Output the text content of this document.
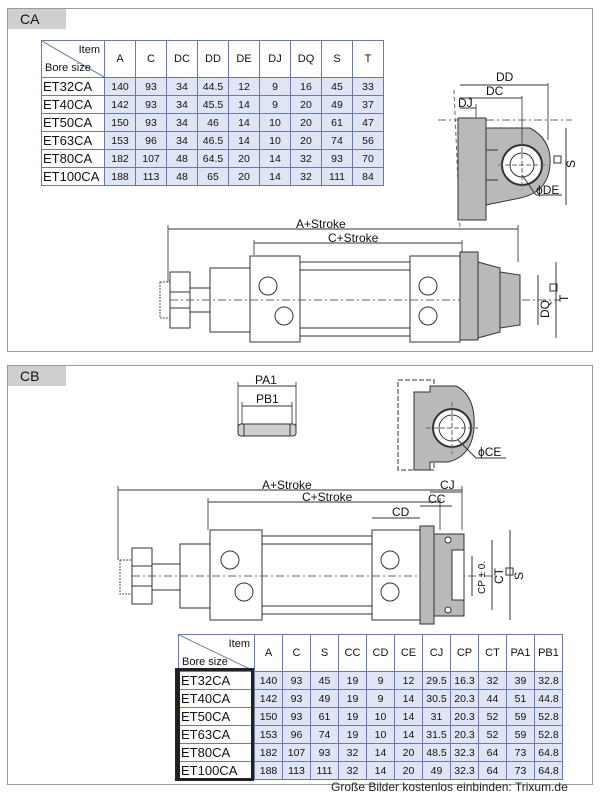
CA
Item
Bore size	A	C	DC	DD	DE	DJ	DQ	S	T
ET32CA	140	93	34	44.5	12	9	16	45	33
ET40CA	142	93	34	45.5	14	9	20	49	37
ET50CA	150	93	34	46	14	10	20	61	47
ET63CA	153	96	34	46.5	14	10	20	74	56
ET80CA	182	107	48	64.5	20	14	32	93	70
ET100CA	188	113	48	65	20	14	32	111	84
DD
DC
DJ
S
ϕDE
A+Stroke
C+Stroke
DQ
T
CB	PA1
PB1
ϕCE
A+Stroke
C+Stroke
CJ
CC
CD
CP ± 0. CT S
Item
Bore size	A	C	S	CC	CD	CE	CJ	CP	CT	PA1	PB1
ET32CA	140	93	45	19	9	12	29.5	16.3	32	39	32.8
ET40CA	142	93	49	19	9	14	30.5	20.3	44	51	44.8
ET50CA	150	93	61	19	10	14	31	20.3	52	59	52.8
ET63CA	153	96	74	19	10	14	31.5	20.3	52	59	52.8
ET80CA	182	107	93	32	14	20	48.5	32.3	64	73	64.8
ET100CA	188	113	111	32	14	20	49	32.3	64	73	64.8
Große Bilder kostenlos einbinden: Trixum.de
